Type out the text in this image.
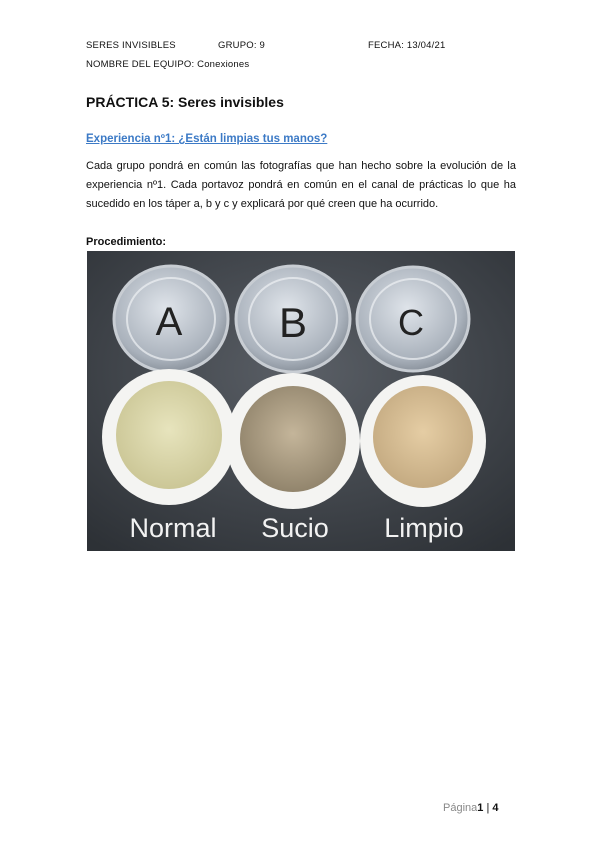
SERES INVISIBLES	GRUPO: 9	FECHA: 13/04/21
NOMBRE DEL EQUIPO: Conexiones
PRÁCTICA 5: Seres invisibles
Experiencia nº1: ¿Están limpias tus manos?
Cada grupo pondrá en común las fotografías que han hecho sobre la evolución de la experiencia nº1. Cada portavoz pondrá en común en el canal de prácticas lo que ha sucedido en los táper a, b y c y explicará por qué creen que ha ocurrido.
Procedimiento:
A B	C
Normal Sucio Limpio
Página1 | 4
